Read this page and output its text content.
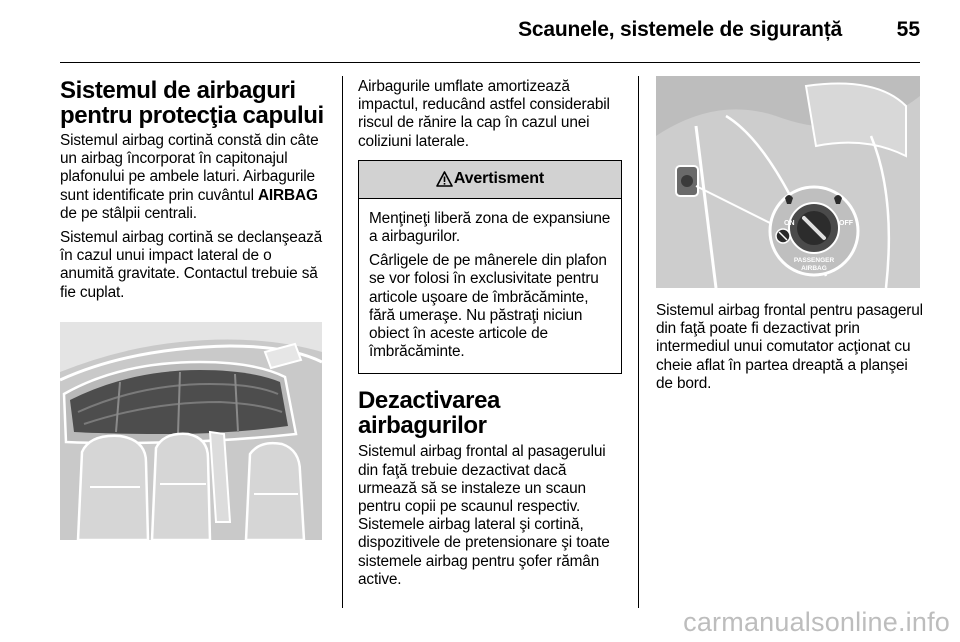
Scaunele, sistemele de siguranță	55
Sistemul de airbaguri
pentru protecţia capului

Sistemul airbag cortină constă din câte un airbag încorporat în capitonajul plafonului pe ambele laturi. Airbagurile sunt identificate prin cuvântul AIRBAG de pe stâlpii centrali.

Sistemul airbag cortină se declanşează în cazul unui impact lateral de o anumită gravitate. Contactul trebuie să fie cuplat.

Airbagurile umflate amortizează impactul, reducând astfel considerabil riscul de rănire la cap în cazul unei coliziuni laterale.

Avertisment

Menţineţi liberă zona de expansiune a airbagurilor.

Cârligele de pe mânerele din plafon se vor folosi în exclusivitate pentru articole uşoare de îmbrăcăminte, fără umeraşe. Nu păstraţi niciun obiect în aceste articole de îmbrăcăminte.

Dezactivarea airbagurilor

Sistemul airbag frontal al pasagerului din faţă trebuie dezactivat dacă urmează să se instaleze un scaun pentru copii pe scaunul respectiv. Sistemele airbag lateral şi cortină, dispozitivele de pretensionare şi toate sistemele airbag pentru şofer rămân active.

ON	OFF
PASSENGER
AIRBAG

Sistemul airbag frontal pentru pasagerul din faţă poate fi dezactivat prin intermediul unui comutator acţionat cu cheie aflat în partea dreaptă a planşei de bord.

carmanualsonline.info
